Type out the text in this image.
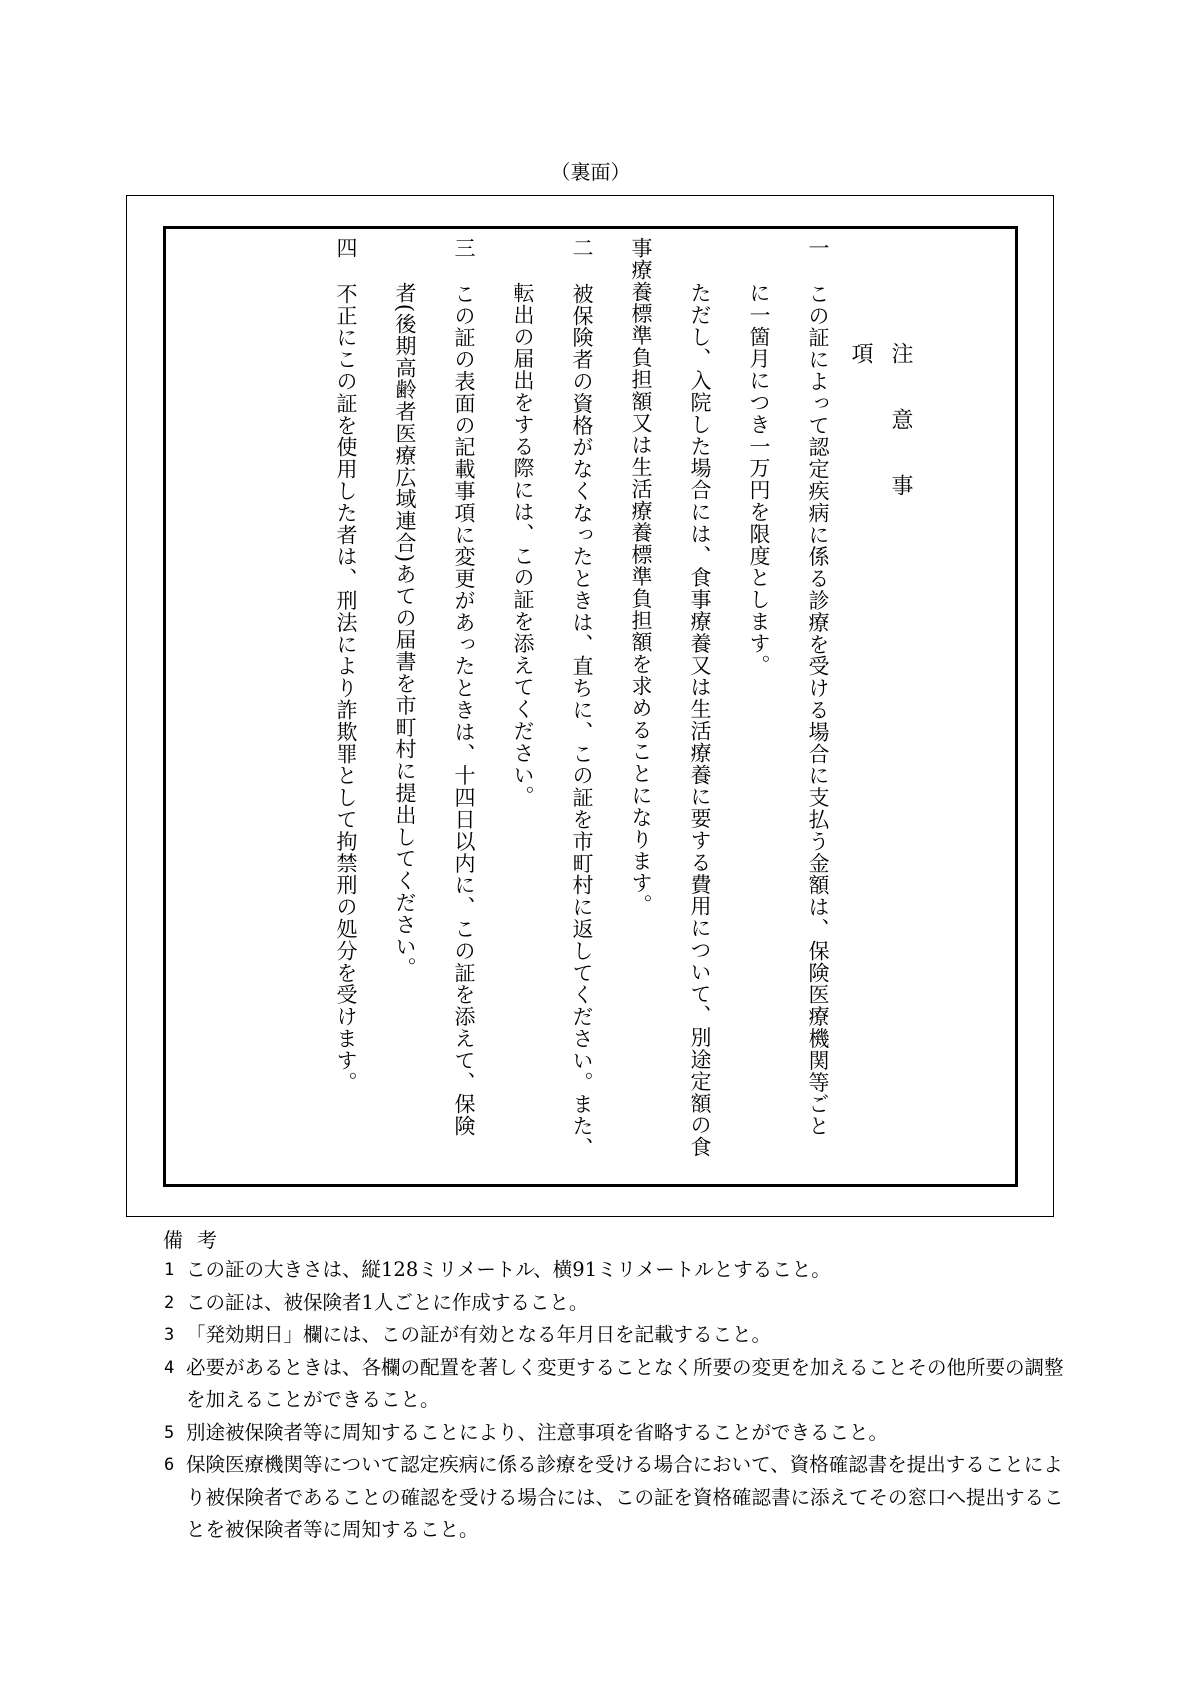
（裏面）
注意事項
一この証によって認定疾病に係る診療を受ける場合に支払う金額は、保険医療機関等ごと
に一箇月につき一万円を限度とします。
ただし、入院した場合には、食事療養又は生活療養に要する費用について、別途定額の食
事療養標準負担額又は生活療養標準負担額を求めることになります。
二被保険者の資格がなくなったときは、直ちに、この証を市町村に返してください。また、
転出の届出をする際には、この証を添えてください。
三この証の表面の記載事項に変更があったときは、十四日以内に、この証を添えて、保険
者(後期高齢者医療広域連合)あての届書を市町村に提出してください。
四不正にこの証を使用した者は、刑法により詐欺罪として拘禁刑の処分を受けます。
備考
1 この証の大きさは、縦128ミリメートル、横91ミリメートルとすること。
2 この証は、被保険者1人ごとに作成すること。
3 「発効期日」欄には、この証が有効となる年月日を記載すること。
4 必要があるときは、各欄の配置を著しく変更することなく所要の変更を加えることその他所要の調整を加えることができること。
5 別途被保険者等に周知することにより、注意事項を省略することができること。
6 保険医療機関等について認定疾病に係る診療を受ける場合において、資格確認書を提出することにより被保険者であることの確認を受ける場合には、この証を資格確認書に添えてその窓口へ提出することを被保険者等に周知すること。
